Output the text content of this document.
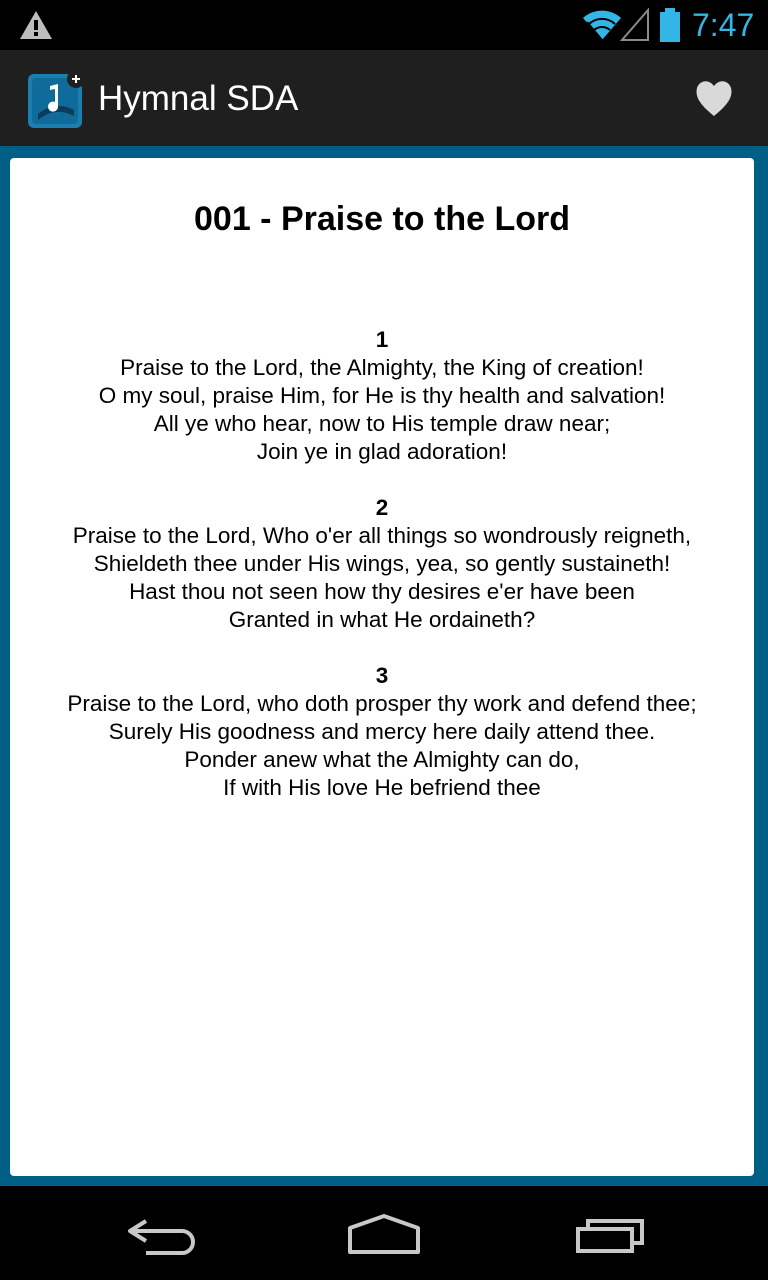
7:47
Hymnal SDA
001 - Praise to the Lord
1
Praise to the Lord, the Almighty, the King of creation!
O my soul, praise Him, for He is thy health and salvation!
All ye who hear, now to His temple draw near;
Join ye in glad adoration!
2
Praise to the Lord, Who o'er all things so wondrously reigneth,
Shieldeth thee under His wings, yea, so gently sustaineth!
Hast thou not seen how thy desires e'er have been
Granted in what He ordaineth?
3
Praise to the Lord, who doth prosper thy work and defend thee;
Surely His goodness and mercy here daily attend thee.
Ponder anew what the Almighty can do,
If with His love He befriend thee
